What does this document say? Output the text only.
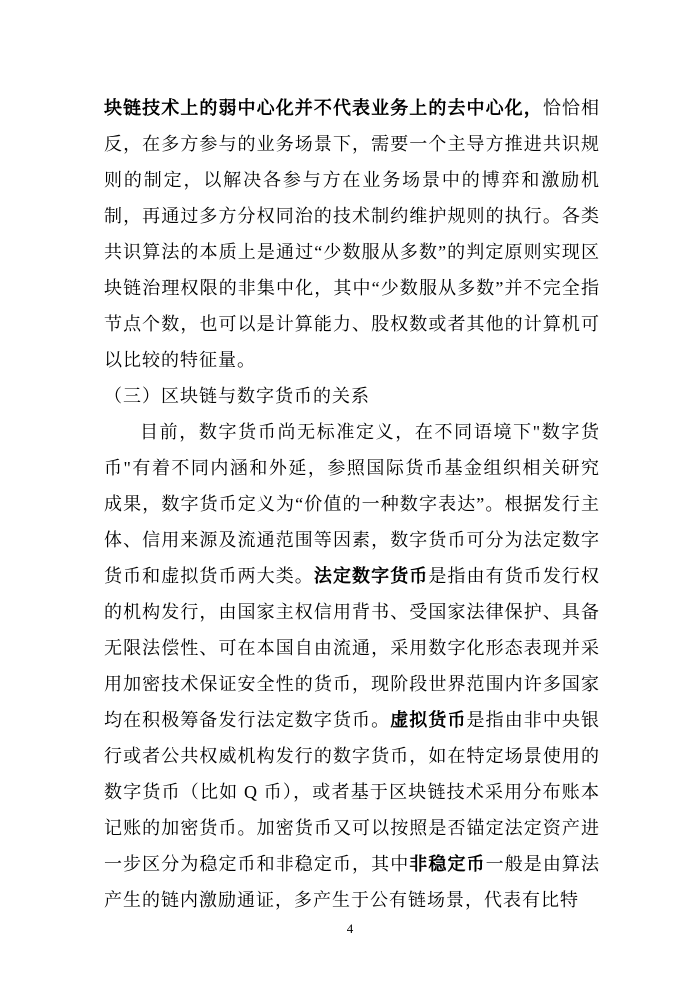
块链技术上的弱中心化并不代表业务上的去中心化，恰恰相反，在多方参与的业务场景下，需要一个主导方推进共识规则的制定，以解决各参与方在业务场景中的博弈和激励机制，再通过多方分权同治的技术制约维护规则的执行。各类共识算法的本质上是通过“少数服从多数”的判定原则实现区块链治理权限的非集中化，其中“少数服从多数”并不完全指节点个数，也可以是计算能力、股权数或者其他的计算机可以比较的特征量。

（三）区块链与数字货币的关系

目前，数字货币尚无标准定义，在不同语境下"数字货币"有着不同内涵和外延，参照国际货币基金组织相关研究成果，数字货币定义为“价值的一种数字表达”。根据发行主体、信用来源及流通范围等因素，数字货币可分为法定数字货币和虚拟货币两大类。法定数字货币是指由有货币发行权的机构发行，由国家主权信用背书、受国家法律保护、具备无限法偿性、可在本国自由流通，采用数字化形态表现并采用加密技术保证安全性的货币，现阶段世界范围内许多国家均在积极筹备发行法定数字货币。虚拟货币是指由非中央银行或者公共权威机构发行的数字货币，如在特定场景使用的数字货币（比如 Q 币），或者基于区块链技术采用分布账本记账的加密货币。加密货币又可以按照是否锚定法定资产进一步区分为稳定币和非稳定币，其中非稳定币一般是由算法产生的链内激励通证，多产生于公有链场景，代表有比特

4
